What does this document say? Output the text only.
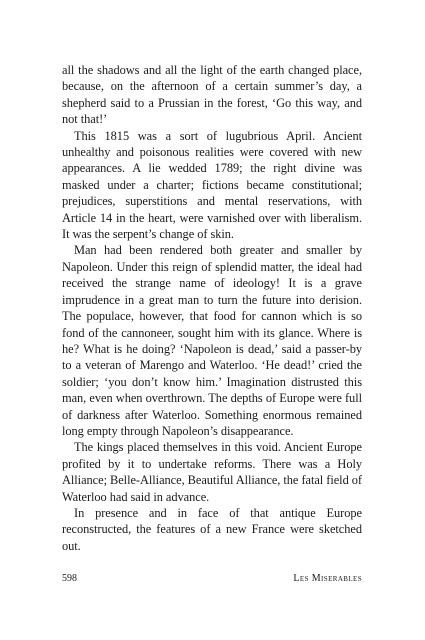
all the shadows and all the light of the earth changed place, because, on the afternoon of a certain summer’s day, a shepherd said to a Prussian in the forest, ‘Go this way, and not that!’

This 1815 was a sort of lugubrious April. Ancient unhealthy and poisonous realities were covered with new appearances. A lie wedded 1789; the right divine was masked under a charter; fictions became constitutional; prejudices, superstitions and mental reservations, with Article 14 in the heart, were varnished over with liberalism. It was the serpent’s change of skin.

Man had been rendered both greater and smaller by Napoleon. Under this reign of splendid matter, the ideal had received the strange name of ideology! It is a grave imprudence in a great man to turn the future into derision. The populace, however, that food for cannon which is so fond of the cannoneer, sought him with its glance. Where is he? What is he doing? ‘Napoleon is dead,’ said a passer-by to a veteran of Marengo and Waterloo. ‘He dead!’ cried the soldier; ‘you don’t know him.’ Imagination distrusted this man, even when overthrown. The depths of Europe were full of darkness after Waterloo. Something enormous remained long empty through Napoleon’s disappearance.

The kings placed themselves in this void. Ancient Europe profited by it to undertake reforms. There was a Holy Alliance; Belle-Alliance, Beautiful Alliance, the fatal field of Waterloo had said in advance.

In presence and in face of that antique Europe reconstructed, the features of a new France were sketched out.

598	Les Miserables
